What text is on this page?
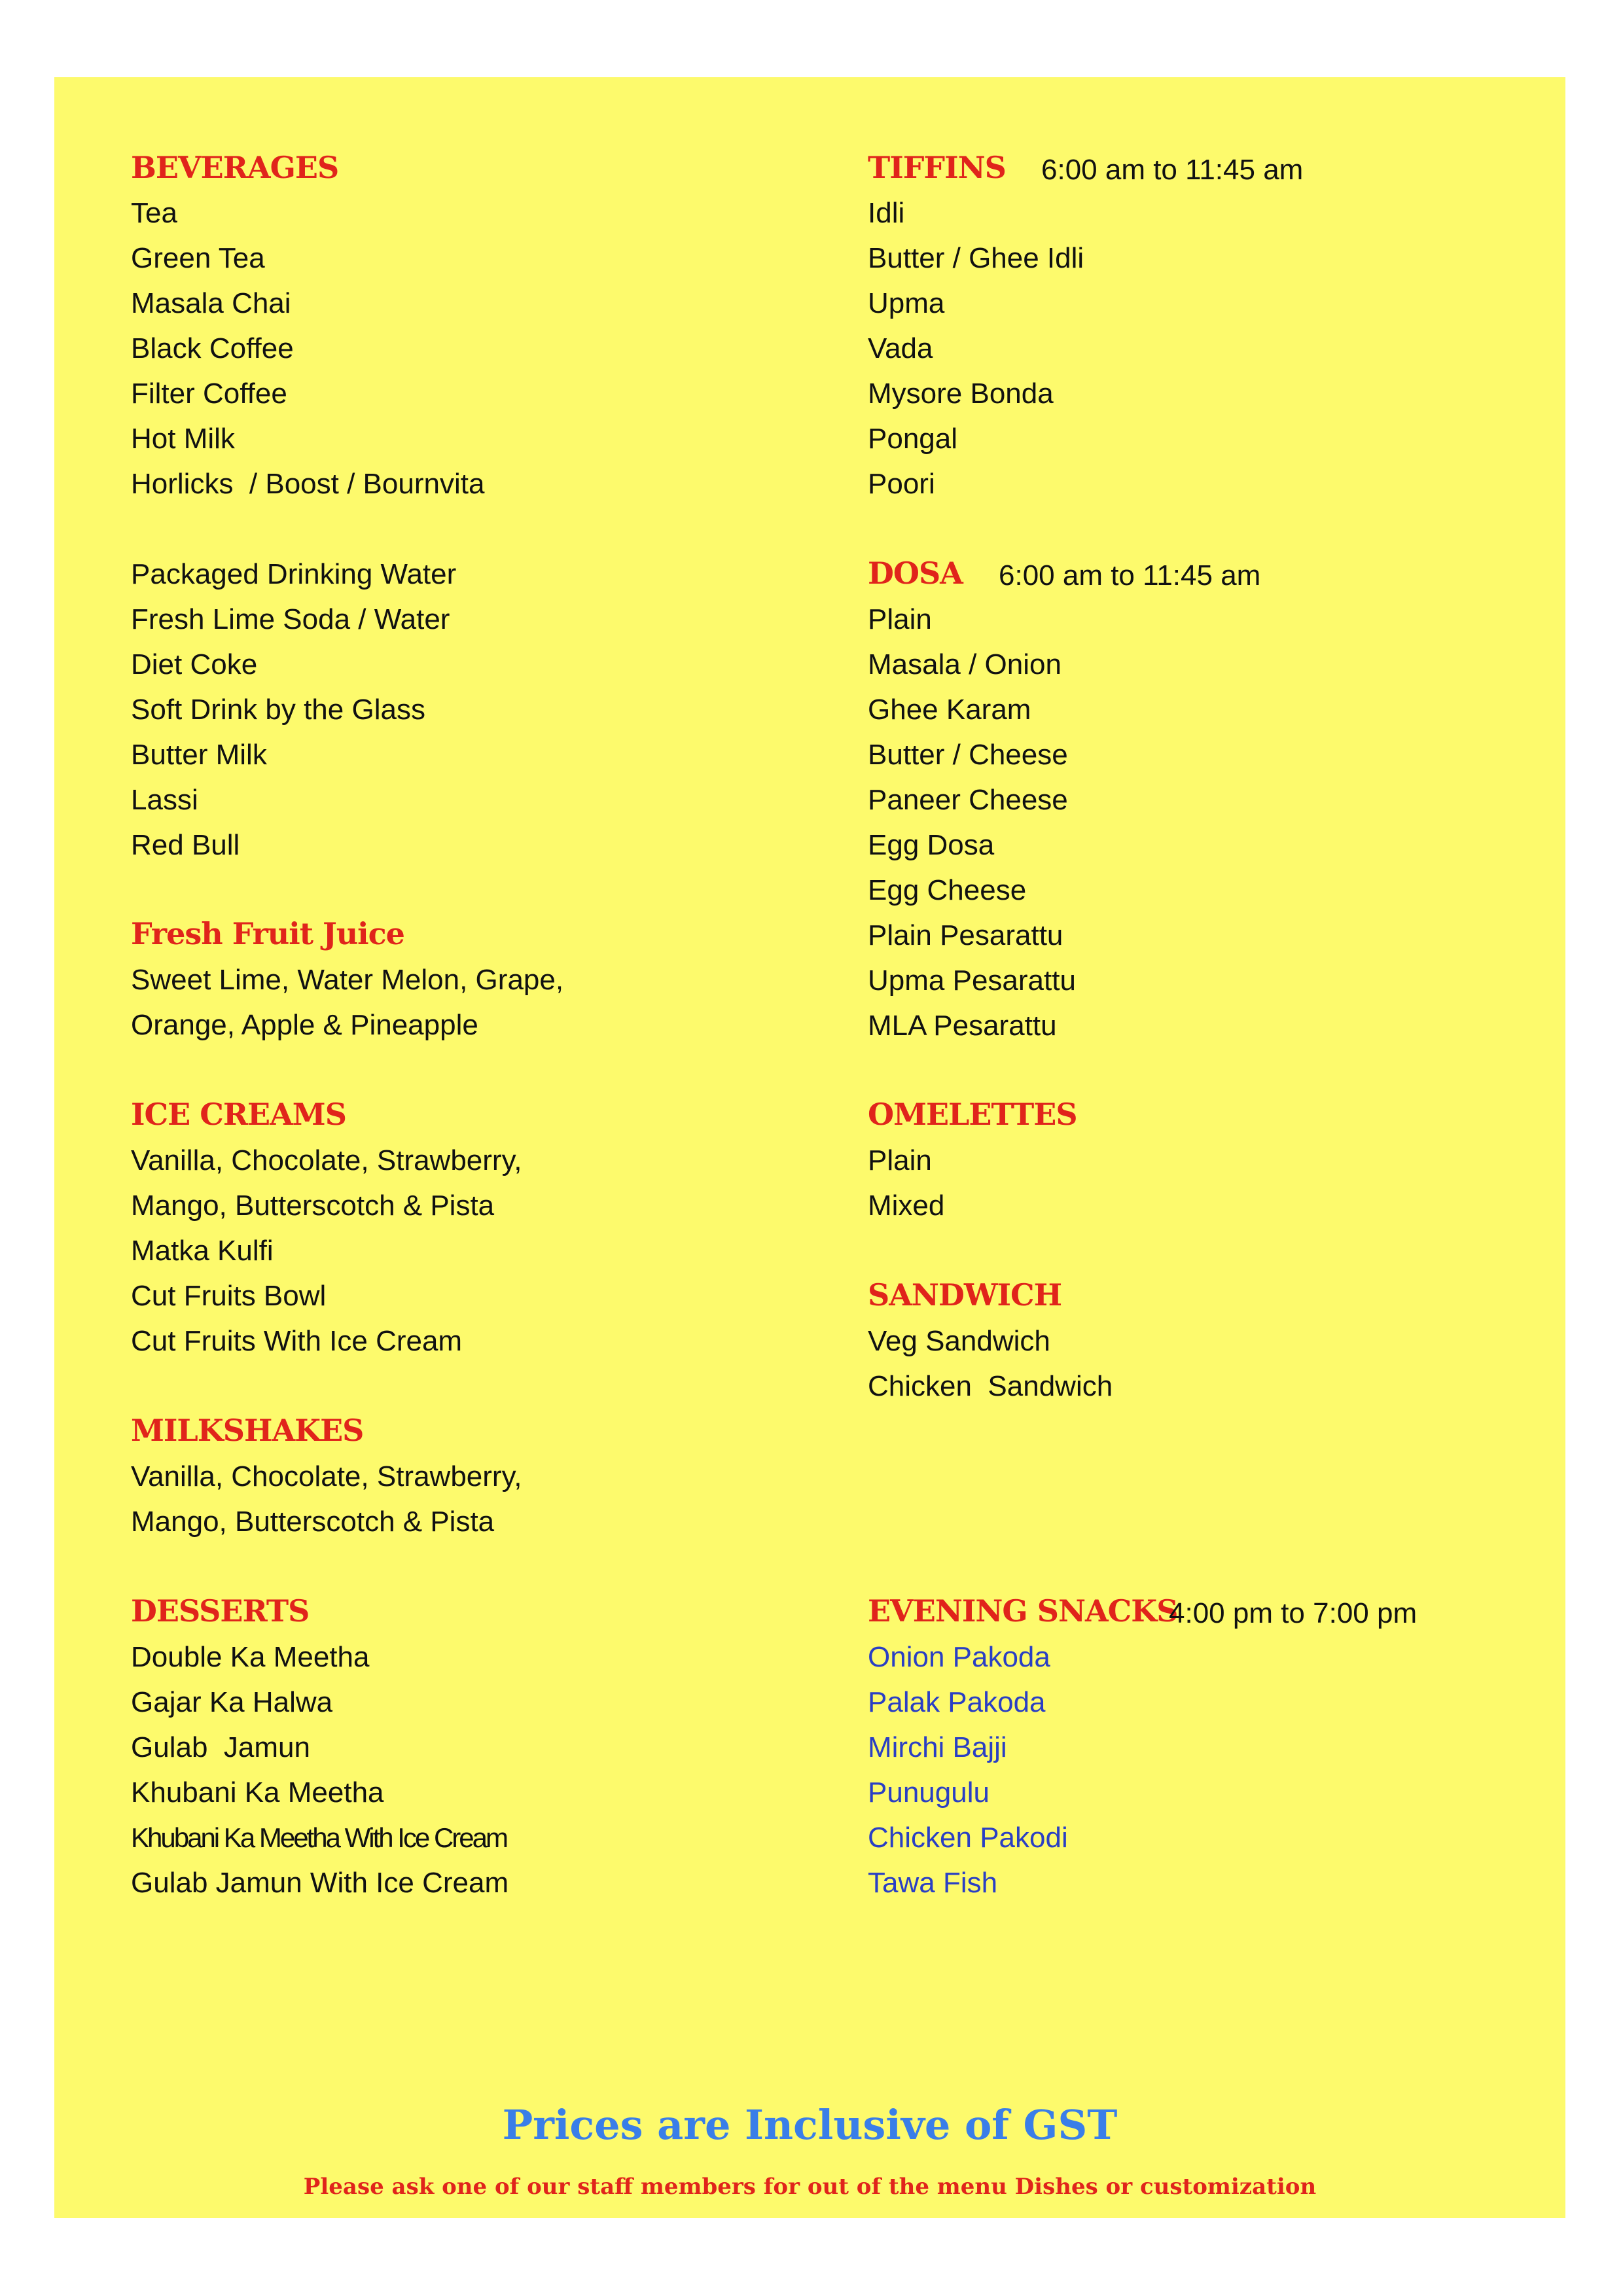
BEVERAGES
Tea
Green Tea
Masala Chai
Black Coffee
Filter Coffee
Hot Milk
Horlicks  / Boost / Bournvita
Packaged Drinking Water
Fresh Lime Soda / Water
Diet Coke
Soft Drink by the Glass
Butter Milk
Lassi
Red Bull
Fresh Fruit Juice
Sweet Lime, Water Melon, Grape,
Orange, Apple & Pineapple
ICE CREAMS
Vanilla, Chocolate, Strawberry,
Mango, Butterscotch & Pista
Matka Kulfi
Cut Fruits Bowl
Cut Fruits With Ice Cream
MILKSHAKES
Vanilla, Chocolate, Strawberry,
Mango, Butterscotch & Pista
DESSERTS
Double Ka Meetha
Gajar Ka Halwa
Gulab  Jamun
Khubani Ka Meetha
Khubani Ka Meetha With Ice Cream
Gulab Jamun With Ice Cream
TIFFINS 6:00 am to 11:45 am
Idli
Butter / Ghee Idli
Upma
Vada
Mysore Bonda
Pongal
Poori
DOSA 6:00 am to 11:45 am
Plain
Masala / Onion
Ghee Karam
Butter / Cheese
Paneer Cheese
Egg Dosa
Egg Cheese
Plain Pesarattu
Upma Pesarattu
MLA Pesarattu
OMELETTES
Plain
Mixed
SANDWICH
Veg Sandwich
Chicken  Sandwich
EVENING SNACKS
4:00 pm to 7:00 pm
Onion Pakoda
Palak Pakoda
Mirchi Bajji
Punugulu
Chicken Pakodi
Tawa Fish
Prices are Inclusive of GST
Please ask one of our staff members for out of the menu Dishes or customization
